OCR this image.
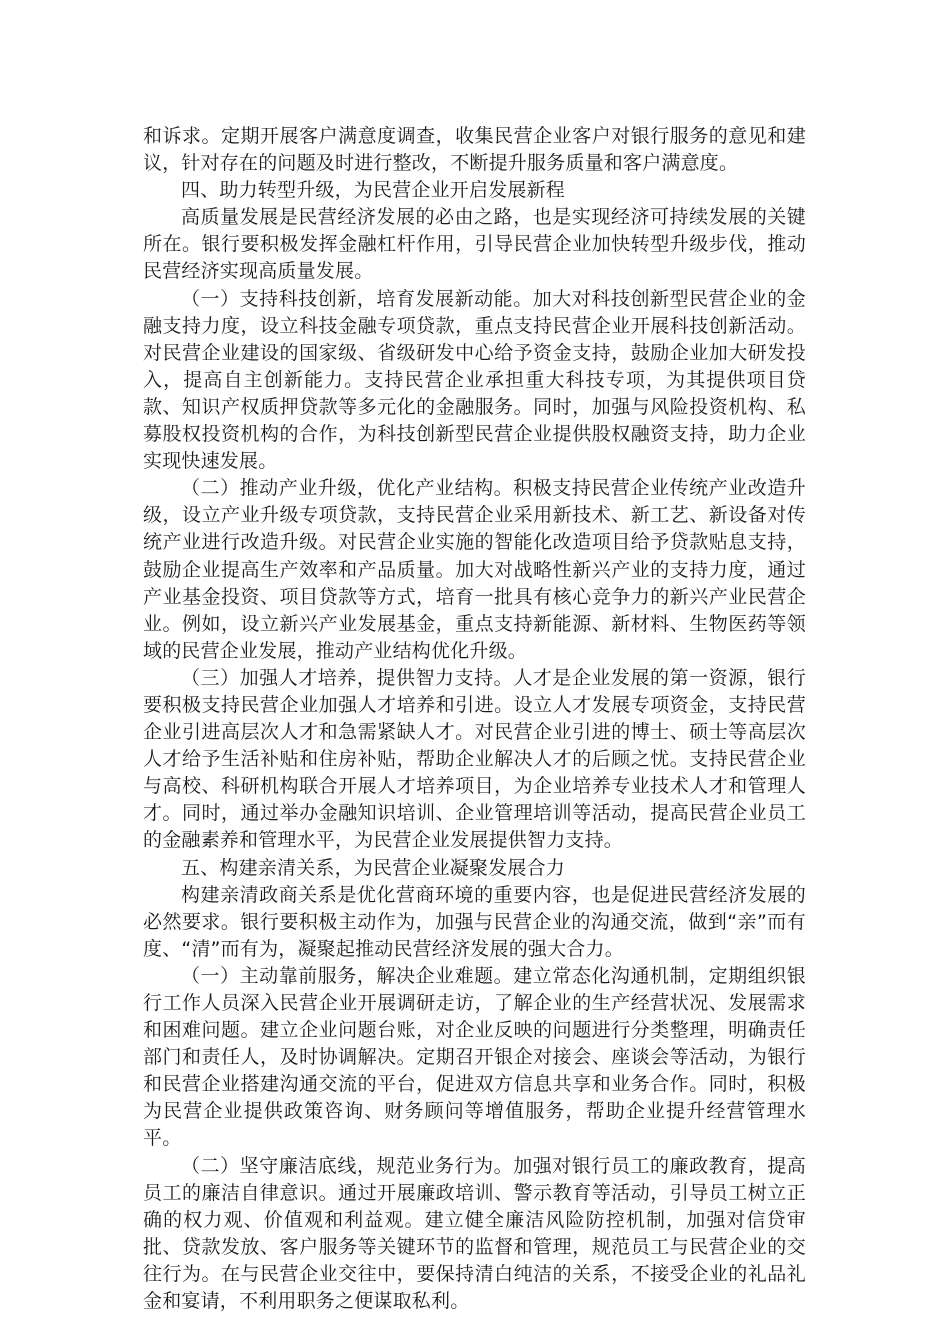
和诉求。定期开展客户满意度调查，收集民营企业客户对银行服务的意见和建议，针对存在的问题及时进行整改，不断提升服务质量和客户满意度。

四、助力转型升级，为民营企业开启发展新程

高质量发展是民营经济发展的必由之路，也是实现经济可持续发展的关键所在。银行要积极发挥金融杠杆作用，引导民营企业加快转型升级步伐，推动民营经济实现高质量发展。

（一）支持科技创新，培育发展新动能。加大对科技创新型民营企业的金融支持力度，设立科技金融专项贷款，重点支持民营企业开展科技创新活动。对民营企业建设的国家级、省级研发中心给予资金支持，鼓励企业加大研发投入，提高自主创新能力。支持民营企业承担重大科技专项，为其提供项目贷款、知识产权质押贷款等多元化的金融服务。同时，加强与风险投资机构、私募股权投资机构的合作，为科技创新型民营企业提供股权融资支持，助力企业实现快速发展。

（二）推动产业升级，优化产业结构。积极支持民营企业传统产业改造升级，设立产业升级专项贷款，支持民营企业采用新技术、新工艺、新设备对传统产业进行改造升级。对民营企业实施的智能化改造项目给予贷款贴息支持，鼓励企业提高生产效率和产品质量。加大对战略性新兴产业的支持力度，通过产业基金投资、项目贷款等方式，培育一批具有核心竞争力的新兴产业民营企业。例如，设立新兴产业发展基金，重点支持新能源、新材料、生物医药等领域的民营企业发展，推动产业结构优化升级。

（三）加强人才培养，提供智力支持。人才是企业发展的第一资源，银行要积极支持民营企业加强人才培养和引进。设立人才发展专项资金，支持民营企业引进高层次人才和急需紧缺人才。对民营企业引进的博士、硕士等高层次人才给予生活补贴和住房补贴，帮助企业解决人才的后顾之忧。支持民营企业与高校、科研机构联合开展人才培养项目，为企业培养专业技术人才和管理人才。同时，通过举办金融知识培训、企业管理培训等活动，提高民营企业员工的金融素养和管理水平，为民营企业发展提供智力支持。

五、构建亲清关系，为民营企业凝聚发展合力

构建亲清政商关系是优化营商环境的重要内容，也是促进民营经济发展的必然要求。银行要积极主动作为，加强与民营企业的沟通交流，做到“亲”而有度、“清”而有为，凝聚起推动民营经济发展的强大合力。

（一）主动靠前服务，解决企业难题。建立常态化沟通机制，定期组织银行工作人员深入民营企业开展调研走访，了解企业的生产经营状况、发展需求和困难问题。建立企业问题台账，对企业反映的问题进行分类整理，明确责任部门和责任人，及时协调解决。定期召开银企对接会、座谈会等活动，为银行和民营企业搭建沟通交流的平台，促进双方信息共享和业务合作。同时，积极为民营企业提供政策咨询、财务顾问等增值服务，帮助企业提升经营管理水平。

（二）坚守廉洁底线，规范业务行为。加强对银行员工的廉政教育，提高员工的廉洁自律意识。通过开展廉政培训、警示教育等活动，引导员工树立正确的权力观、价值观和利益观。建立健全廉洁风险防控机制，加强对信贷审批、贷款发放、客户服务等关键环节的监督和管理，规范员工与民营企业的交往行为。在与民营企业交往中，要保持清白纯洁的关系，不接受企业的礼品礼金和宴请，不利用职务之便谋取私利。
